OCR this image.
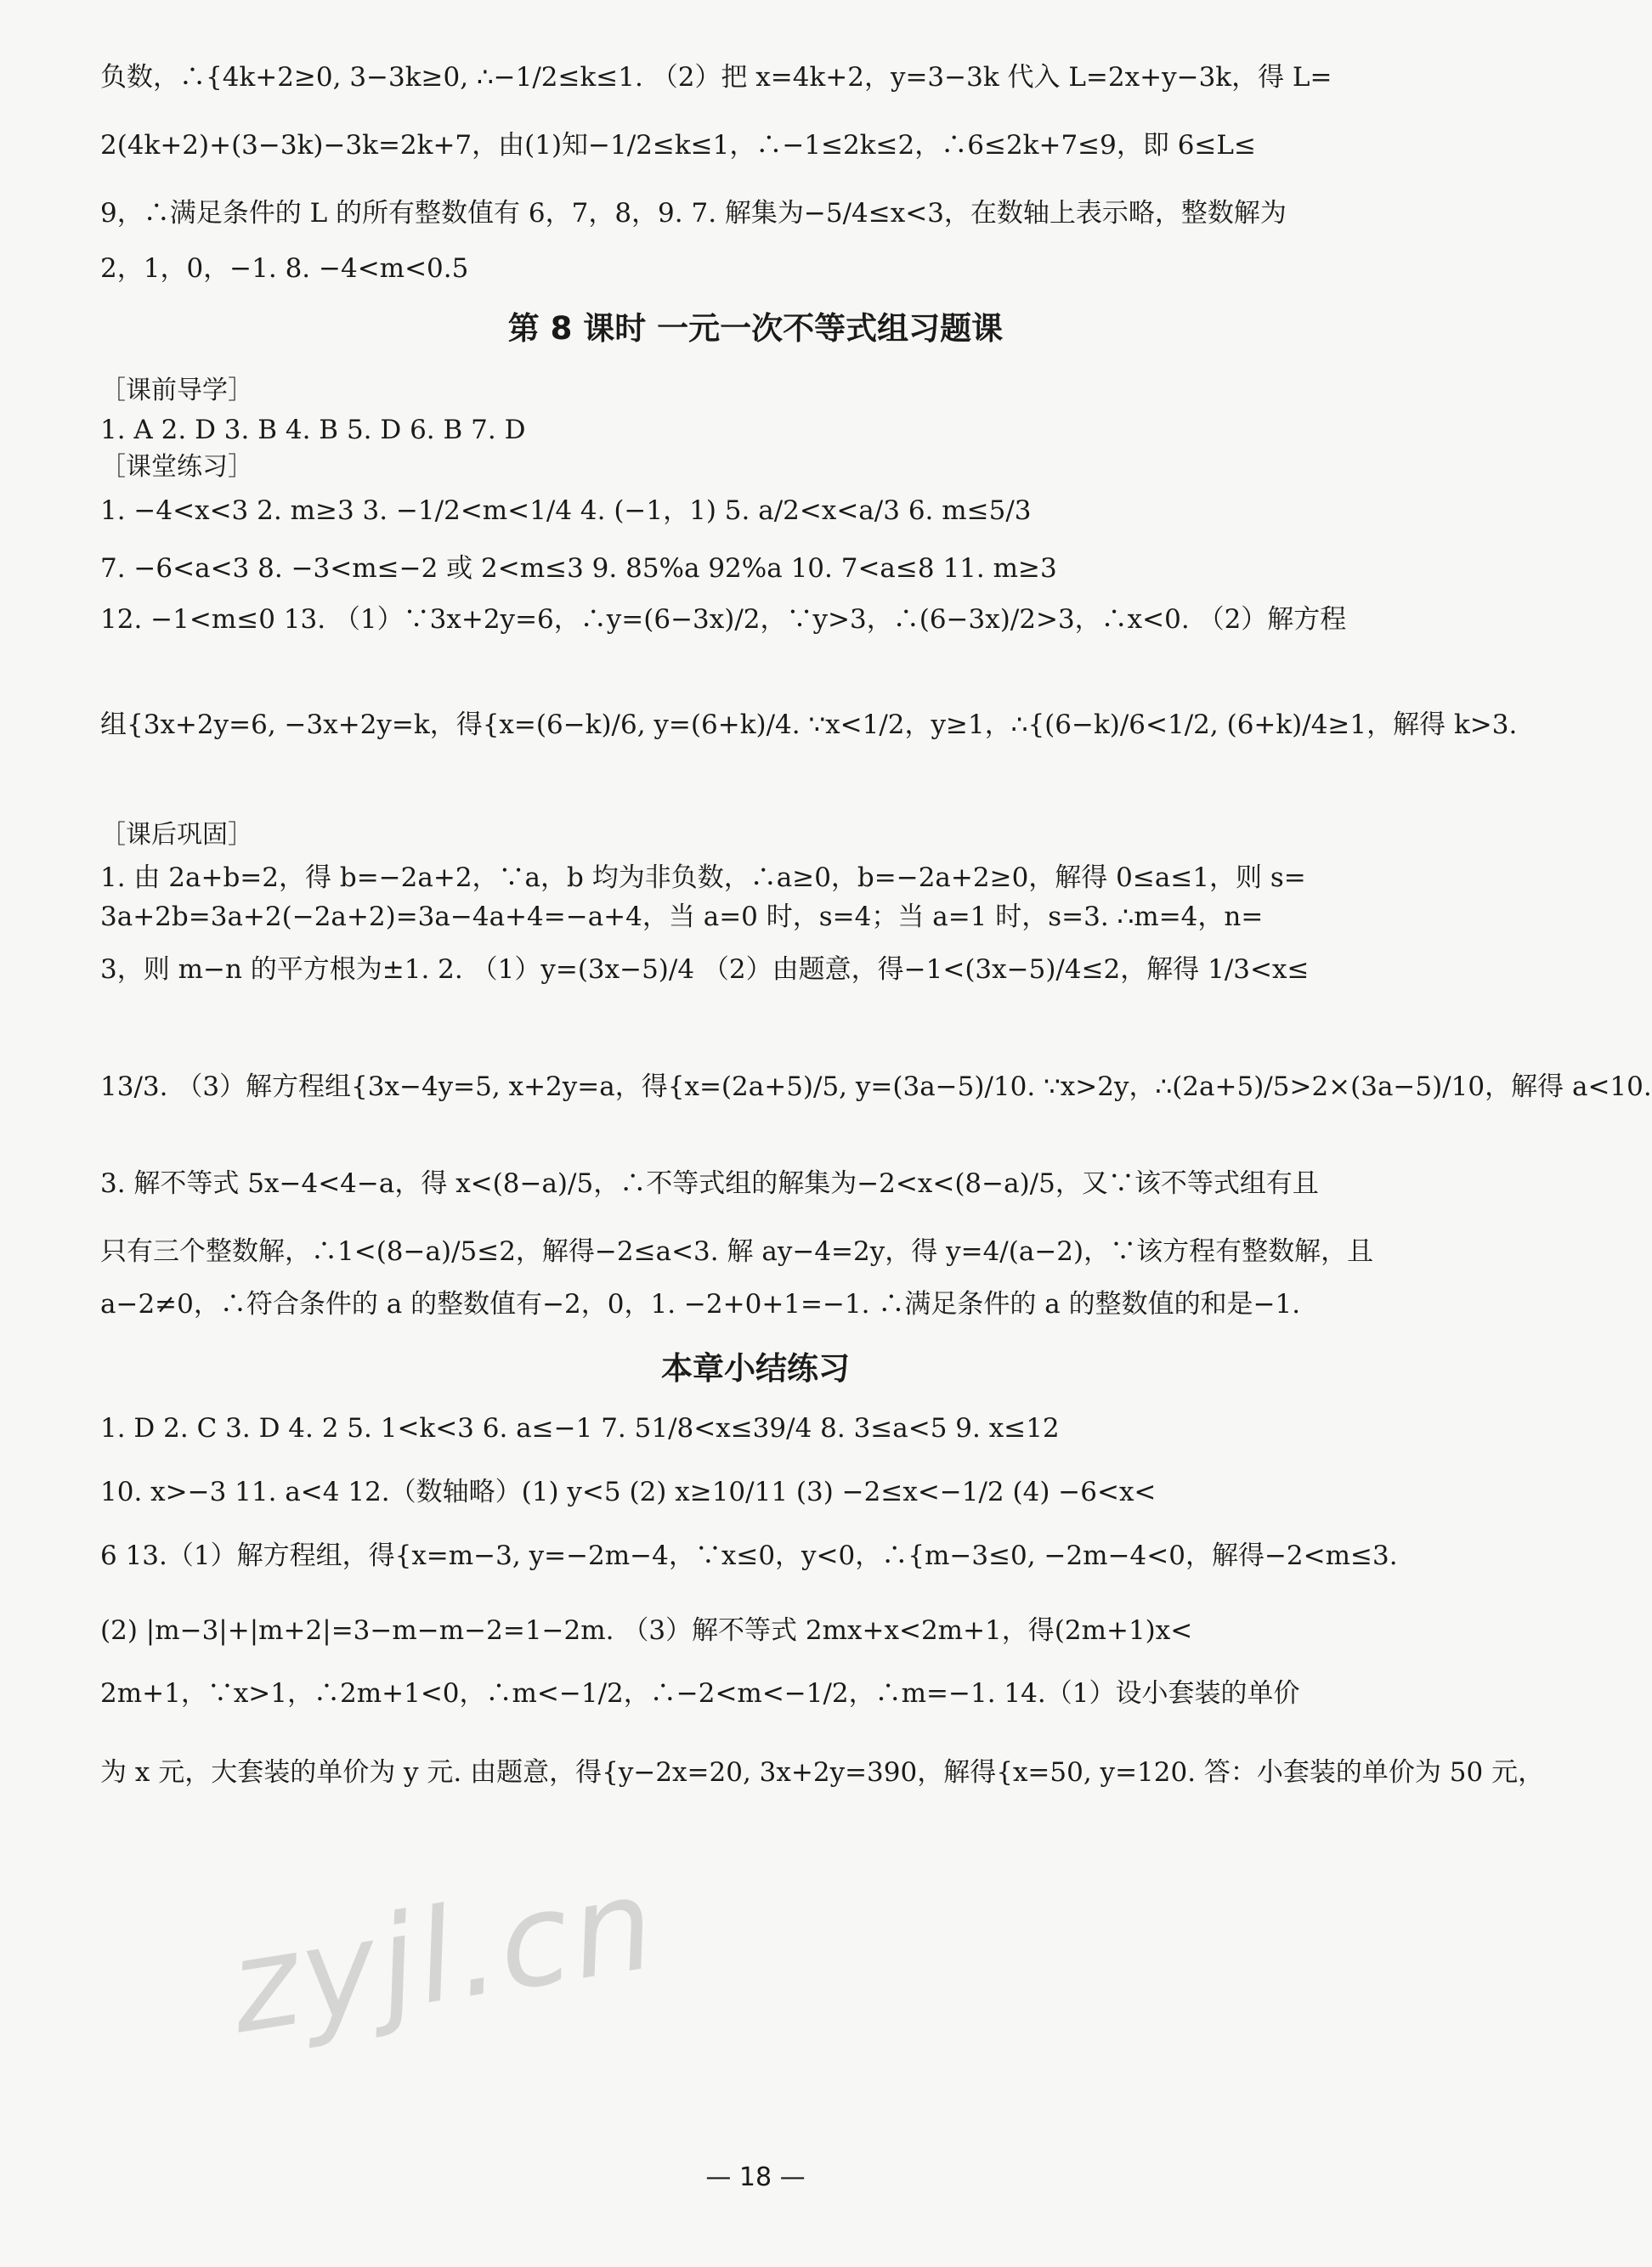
负数，∴{4k+2≥0, 3−3k≥0, ∴−1/2≤k≤1. （2）把 x=4k+2，y=3−3k 代入 L=2x+y−3k，得 L=
2(4k+2)+(3−3k)−3k=2k+7，由(1)知−1/2≤k≤1，∴−1≤2k≤2，∴6≤2k+7≤9，即 6≤L≤
9，∴满足条件的 L 的所有整数值有 6，7，8，9. 7. 解集为−5/4≤x<3，在数轴上表示略，整数解为
2，1，0，−1. 8. −4<m<0.5
第 8 课时 一元一次不等式组习题课
［课前导学］
1. A 2. D 3. B 4. B 5. D 6. B 7. D
［课堂练习］
1. −4<x<3 2. m≥3 3. −1/2<m<1/4 4. (−1，1) 5. a/2<x<a/3 6. m≤5/3
7. −6<a<3 8. −3<m≤−2 或 2<m≤3 9. 85%a 92%a 10. 7<a≤8 11. m≥3
12. −1<m≤0 13. （1）∵3x+2y=6，∴y=(6−3x)/2，∵y>3，∴(6−3x)/2>3，∴x<0. （2）解方程
组{3x+2y=6, −3x+2y=k，得{x=(6−k)/6, y=(6+k)/4. ∵x<1/2，y≥1，∴{(6−k)/6<1/2, (6+k)/4≥1，解得 k>3.
［课后巩固］
1. 由 2a+b=2，得 b=−2a+2，∵a，b 均为非负数，∴a≥0，b=−2a+2≥0，解得 0≤a≤1，则 s=
3a+2b=3a+2(−2a+2)=3a−4a+4=−a+4，当 a=0 时，s=4；当 a=1 时，s=3. ∴m=4，n=
3，则 m−n 的平方根为±1. 2. （1）y=(3x−5)/4 （2）由题意，得−1<(3x−5)/4≤2，解得 1/3<x≤
13/3. （3）解方程组{3x−4y=5, x+2y=a，得{x=(2a+5)/5, y=(3a−5)/10. ∵x>2y，∴(2a+5)/5>2×(3a−5)/10，解得 a<10.
3. 解不等式 5x−4<4−a，得 x<(8−a)/5，∴不等式组的解集为−2<x<(8−a)/5，又∵该不等式组有且
只有三个整数解，∴1<(8−a)/5≤2，解得−2≤a<3. 解 ay−4=2y，得 y=4/(a−2)，∵该方程有整数解，且
a−2≠0，∴符合条件的 a 的整数值有−2，0，1. −2+0+1=−1. ∴满足条件的 a 的整数值的和是−1.
本章小结练习
1. D 2. C 3. D 4. 2 5. 1<k<3 6. a≤−1 7. 51/8<x≤39/4 8. 3≤a<5 9. x≤12
10. x>−3 11. a<4 12.（数轴略）(1) y<5 (2) x≥10/11 (3) −2≤x<−1/2 (4) −6<x<
6 13.（1）解方程组，得{x=m−3, y=−2m−4，∵x≤0，y<0，∴{m−3≤0, −2m−4<0，解得−2<m≤3.
(2) |m−3|+|m+2|=3−m−m−2=1−2m. （3）解不等式 2mx+x<2m+1，得(2m+1)x<
2m+1，∵x>1，∴2m+1<0，∴m<−1/2，∴−2<m<−1/2，∴m=−1. 14.（1）设小套装的单价
为 x 元，大套装的单价为 y 元. 由题意，得{y−2x=20, 3x+2y=390，解得{x=50, y=120. 答：小套装的单价为 50 元，
zyjl.cn
— 18 —
